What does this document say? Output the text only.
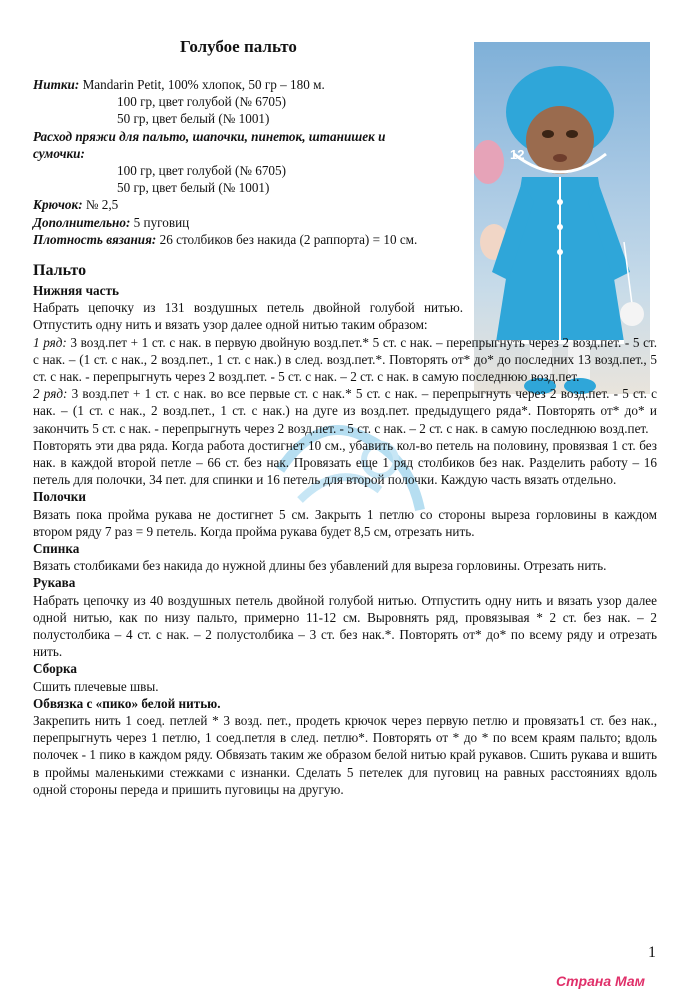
Голубое пальто
Нитки: Mandarin Petit, 100% хлопок, 50 гр – 180 м.
100 гр, цвет голубой (№ 6705)
50 гр, цвет белый (№ 1001)
Расход пряжи для пальто, шапочки, пинеток, штанишек и сумочки:
100 гр, цвет голубой (№ 6705)
50 гр, цвет белый (№ 1001)
Крючок: № 2,5
Дополнительно: 5 пуговиц
Плотность вязания: 26 столбиков без накида (2 раппорта) = 10 см.
12
Пальто

Нижняя часть

Набрать цепочку из 131 воздушных петель двойной голубой нитью. Отпустить одну нить и вязать узор далее одной нитью таким образом:

1 ряд: 3 возд.пет + 1 ст. с нак. в первую двойную возд.пет.* 5 ст. с нак. – перепрыгнуть через 2 возд.пет. - 5 ст. с нак. – (1 ст. с нак., 2 возд.пет., 1 ст. с нак.) в след. возд.пет.*. Повторять от* до* до последних 13 возд.пет., 5 ст. с нак. - перепрыгнуть через 2 возд.пет. - 5 ст. с нак. – 2 ст. с нак. в самую последнюю возд.пет.

2 ряд: 3 возд.пет + 1 ст. с нак. во все первые ст. с нак.* 5 ст. с нак. – перепрыгнуть через 2 возд.пет. - 5 ст. с нак. – (1 ст. с нак., 2 возд.пет., 1 ст. с нак.) на дуге из возд.пет. предыдущего ряда*. Повторять от* до* и закончить 5 ст. с нак. - перепрыгнуть через 2 возд.пет. - 5 ст. с нак. – 2 ст. с нак. в самую последнюю возд.пет.

Повторять эти два ряда. Когда работа достигнет 10 см., убавить кол-во петель на половину, провязвая 1 ст. без нак. в каждой второй петле – 66 ст. без нак. Провязать еще 1 ряд столбиков без нак. Разделить работу – 16 петель для полочки, 34 пет. для спинки и 16 петель для второй полочки. Каждую часть вязать отдельно.

Полочки

Вязать пока пройма рукава не достигнет 5 см. Закрыть 1 петлю со стороны выреза горловины в каждом втором ряду 7 раз = 9 петель. Когда пройма рукава будет 8,5 см, отрезать нить.

Спинка

Вязать столбиками без накида до нужной длины без убавлений для выреза горловины. Отрезать нить.

Рукава

Набрать цепочку из 40 воздушных петель двойной голубой нитью. Отпустить одну нить и вязать узор далее одной нитью, как по низу пальто, примерно 11-12 см. Выровнять ряд, провязывая * 2 ст. без нак. – 2 полустолбика – 4 ст. с нак. – 2 полустолбика – 3 ст. без нак.*. Повторять от* до* по всему ряду и отрезать нить.

Сборка

Сшить плечевые швы.

Обвязка с «пико» белой нитью.

Закрепить нить 1 соед. петлей * 3 возд. пет., продеть крючок через первую петлю и провязать1 ст. без нак., перепрыгнуть через 1 петлю, 1 соед.петля в след. петлю*. Повторять от * до * по всем краям пальто; вдоль полочек - 1 пико в каждом ряду. Обвязать таким же образом белой нитью край рукавов. Сшить рукава и вшить в проймы маленькими стежками с изнанки. Сделать 5 петелек для пуговиц на равных расстояниях вдоль одной стороны переда и пришить пуговицы на другую.

1
Страна Мам
